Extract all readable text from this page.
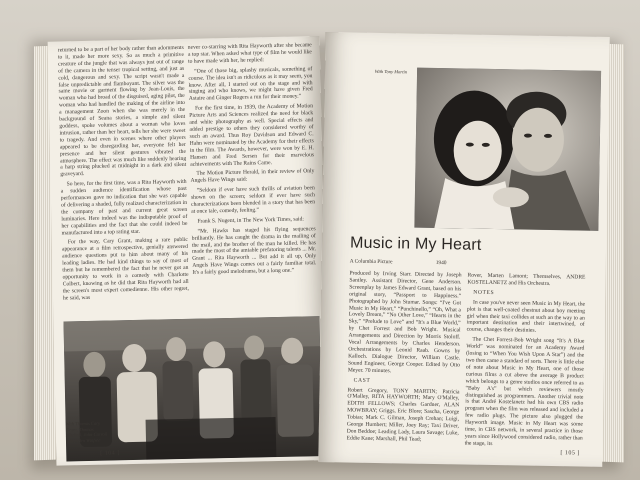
returned to be a part of her body rather than adornments to it, made her more sexy. So as much a primitive creature of the jungle that was always just out of range of the camera in the tenser tropical setting, and just as cold, dangerous and sexy. The script wasn't made a false unpredictable and flamboyant. The silver was the same movie or garment flowing by Jean-Louis, the woman who had broad of the disguised, aging pilot, the woman who had handled the making of the airline into a management Zoon when she was merely in the background of Seana stories, a simple and silent goddess, spoke volumes about a woman who loves intrusion, rather than her heart, tells her she were sweet to tragedy. And even in scenes where other players appeared to be disregarding her, everyone felt her presence and her silent gestures vibrated the atmosphere. The effect was much like suddenly hearing a harp string plucked at midnight in a dark and silent graveyard.

So here, for the first time, was a Rita Hayworth with a sudden audience identification whose past performances gave no indication that she was capable of delivering a shaded, fully realized characterization in the company of past and current great screen luminaries. Here indeed was the indisputable proof of her capabilities and the fact that she could indeed be manufactured into a top rating star.

For the way, Cary Grant, making a rare public appearance at a film retrospective, genially answered audience questions put to him about many of his leading ladies. He had kind things to say of most of them but he remembered the fact that he never got an opportunity to work in a comedy with Charlotte Colbert, knowing as he did that Rita Hayworth had all the screen's most expert comedienne. His other regret, he said, was

never co-starring with Rita Hayworth after she became a top star. When asked what type of film he would like to have made with her, he replied:

“One of those big, splashy musicals, something of course. The idea isn't as ridiculous as it may seem, you know. After all, I started out on the stage and with singing and who knows, we might have given Fred Astaire and Ginger Rogers a run for their money.”

For the first time, in 1939, the Academy of Motion Picture Arts and Sciences realized the need for black and white photography as well. Special effects and added prestige to others they considered worthy of such an award. Thus Roy Davidson and Edward C. Hahn were nominated by the Academy for their effects in the film. The Awards, however, were won by E. H. Hansen and Fred Sersen for their marvelous achievements with The Rains Came.

The Motion Picture Herald, in their review of Only Angels Have Wings said:

“Seldom if ever have such thrills of aviation been shown on the screen; seldom if ever have such characterizations been blended in a story that has been at once tale, comedy, feeling.”

Frank S. Nugent, in The New York Times, said:

“Mr. Hawks has staged his flying sequences brilliantly. He has caught the drama in the mailing of the mail, and the brother of the man he killed. He has made the most of the amiable prefatoring talents ... Mr. Grant ... Rita Hayworth ... But add it all up, Only Angels Have Wings comes out a fairly familiar total. It's a fairly good melodrama, but a long one.”

With Thomas Cary Grant, Thomas Mitchell, John Carroll and Pedro Winfree
[ 104 ]
With Tony Martin
Music in My Heart
A Columbia Picture	1940

Produced by Irving Starr. Directed by Joseph Santley. Assistant Director, Gene Anderson. Screenplay by James Edward Grant, based on his original story, “Passport to Happiness.” Photographed by John Stumar. Songs: “I've Got Music in My Heart,” “Punchinello,” “Oh, What a Lovely Dream,” “No Other Love,” “Hearts in the Sky,” “Prelude to Love” and “It's a Blue World,” by Chet Forrest and Bob Wright. Musical Arrangements and Direction by Morris Stoloff. Vocal Arrangements by Charles Henderson. Orchestrations by Leonid Raab. Gowns by Kalloch. Dialogue Director, William Castle. Sound Engineer, George Cooper. Edited by Otto Meyer. 70 minutes.

CAST

Robert Gregory, TONY MARTIN; Patricia O'Malley, RITA HAYWORTH; Mary O'Malley, EDITH FELLOWS; Charles Gardner, ALAN MOWBRAY; Griggs, Eric Blore; Sascha, George Tobias; Mark C. Gilman, Joseph Crehan; Luigi, George Humbert; Miller, Joey Ray; Taxi Driver, Don Beddoe; Leading Lady, Laura Savage; Luke, Eddie Kane; Marshall, Phil Tead;

Rover, Marten Lamont; Themselves, ANDRE KOSTELANETZ and His Orchestra.

NOTES

In case you've never seen Music in My Heart, the plot is that well-coated chestnut about boy meeting girl when their taxi collides at such an the way to an important destination and their intertwined, of course, changes their destinies.

The Chet Forrest-Bob Wright song “It's A Blue World” was nominated for an Academy Award (losing to “When You Wish Upon A Star”) and the two then came a standard of sorts. There is little else of note about Music in My Heart, one of those curious films a cut above the average B product which belongs to a genre studios once referred to as “Baby A's” but which reviewers mostly distinguished as programmers. Another trivial note is that André Kostelanetz had his own CBS radio program when the film was released and included a few radio plugs. The picture also plugged the Hayworth image. Music in My Heart was some time, in CBS network, in several practice in those years since Hollywood considered radio, rather than the stage, its

[ 105 ]
